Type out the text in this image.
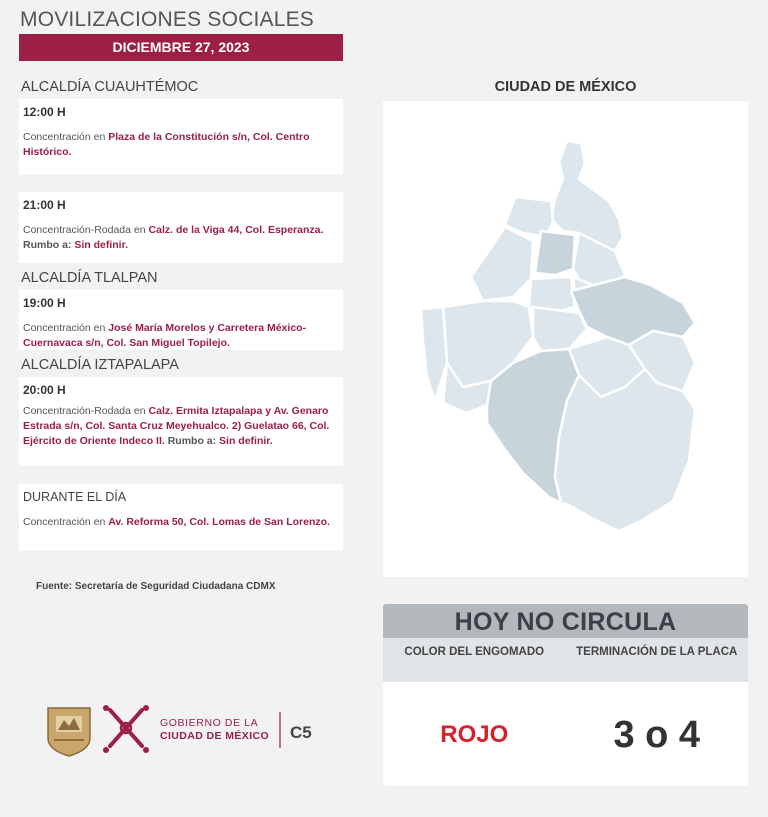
MOVILIZACIONES SOCIALES
DICIEMBRE 27, 2023
ALCALDÍA CUAUHTÉMOC
12:00 H
Concentración en Plaza de la Constitución s/n, Col. Centro Histórico.
21:00 H
Concentración-Rodada en Calz. de la Viga 44, Col. Esperanza. Rumbo a: Sin definir.
ALCALDÍA TLALPAN
19:00 H
Concentración en José María Morelos y Carretera México-Cuernavaca s/n, Col. San Miguel Topilejo.
ALCALDÍA IZTAPALAPA
20:00 H
Concentración-Rodada en Calz. Ermita Iztapalapa y Av. Genaro Estrada s/n, Col. Santa Cruz Meyehualco. 2) Guelatao 66, Col. Ejército de Oriente Indeco II. Rumbo a: Sin definir.
DURANTE EL DÍA
Concentración en Av. Reforma 50, Col. Lomas de San Lorenzo.
Fuente: Secretaría de Seguridad Ciudadana CDMX
CIUDAD DE MÉXICO
HOY NO CIRCULA
COLOR DEL ENGOMADO	TERMINACIÓN DE LA PLACA
ROJO	3 o 4
GOBIERNO DE LA
CIUDAD DE MÉXICO C5
